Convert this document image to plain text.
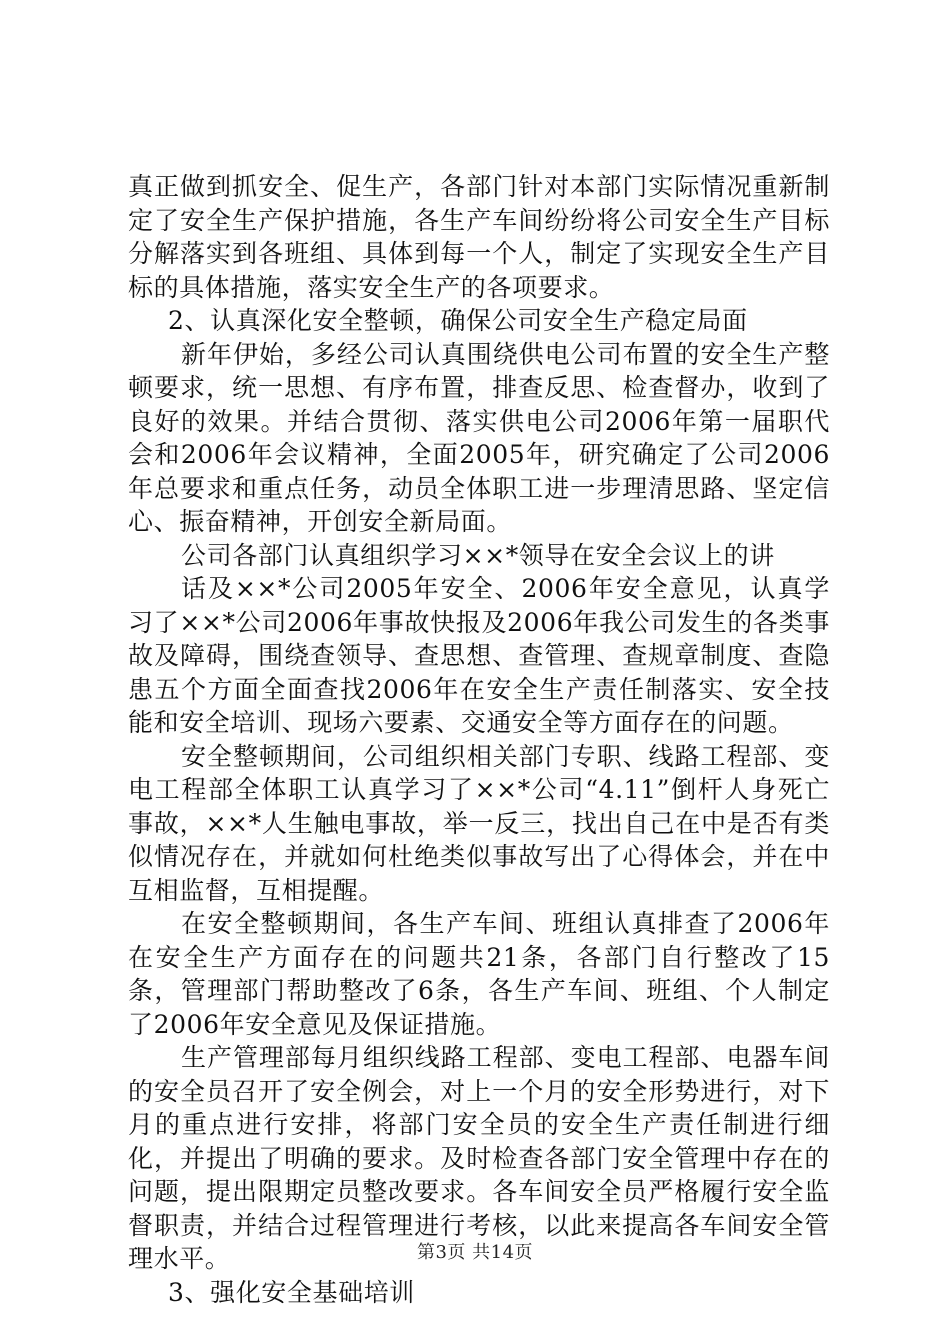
真正做到抓安全、促生产，各部门针对本部门实际情况重新制定了安全生产保护措施，各生产车间纷纷将公司安全生产目标分解落实到各班组、具体到每一个人，制定了实现安全生产目标的具体措施，落实安全生产的各项要求。

2、认真深化安全整顿，确保公司安全生产稳定局面

新年伊始，多经公司认真围绕供电公司布置的安全生产整顿要求，统一思想、有序布置，排查反思、检查督办，收到了良好的效果。并结合贯彻、落实供电公司2006年第一届职代会和2006年会议精神，全面2005年，研究确定了公司2006年总要求和重点任务，动员全体职工进一步理清思路、坚定信心、振奋精神，开创安全新局面。

公司各部门认真组织学习××*领导在安全会议上的讲

话及××*公司2005年安全、2006年安全意见，认真学习了××*公司2006年事故快报及2006年我公司发生的各类事故及障碍，围绕查领导、查思想、查管理、查规章制度、查隐患五个方面全面查找2006年在安全生产责任制落实、安全技能和安全培训、现场六要素、交通安全等方面存在的问题。

安全整顿期间，公司组织相关部门专职、线路工程部、变电工程部全体职工认真学习了××*公司“4.11”倒杆人身死亡事故，××*人生触电事故，举一反三，找出自己在中是否有类似情况存在，并就如何杜绝类似事故写出了心得体会，并在中互相监督，互相提醒。

在安全整顿期间，各生产车间、班组认真排查了2006年在安全生产方面存在的问题共21条，各部门自行整改了15条，管理部门帮助整改了6条，各生产车间、班组、个人制定了2006年安全意见及保证措施。

生产管理部每月组织线路工程部、变电工程部、电器车间的安全员召开了安全例会，对上一个月的安全形势进行，对下月的重点进行安排，将部门安全员的安全生产责任制进行细化，并提出了明确的要求。及时检查各部门安全管理中存在的问题，提出限期定员整改要求。各车间安全员严格履行安全监督职责，并结合过程管理进行考核，以此来提高各车间安全管理水平。

3、强化安全基础培训

第3页 共14页
